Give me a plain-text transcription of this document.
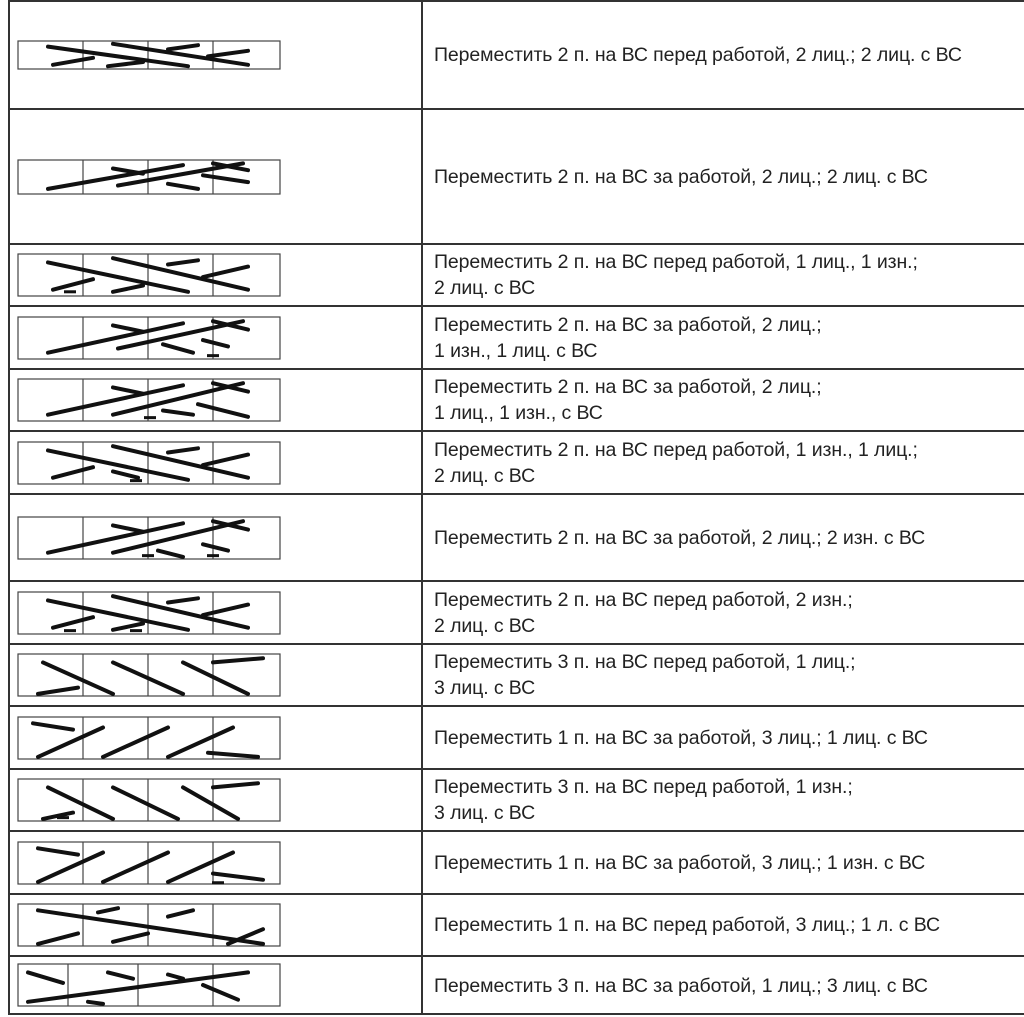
Переместить 2 п. на ВС перед работой, 2 лиц.; 2 лиц. с ВС
Переместить 2 п. на ВС за работой, 2 лиц.; 2 лиц. с ВС
Переместить 2 п. на ВС перед работой, 1 лиц., 1 изн.;
2 лиц. с ВС
Переместить 2 п. на ВС за работой, 2 лиц.;
1 изн., 1 лиц. с ВС
Переместить 2 п. на ВС за работой, 2 лиц.;
1 лиц., 1 изн., с ВС
Переместить 2 п. на ВС перед работой, 1 изн., 1 лиц.;
2 лиц. с ВС
Переместить 2 п. на ВС за работой, 2 лиц.; 2 изн. с ВС
Переместить 2 п. на ВС перед работой, 2 изн.;
2 лиц. с ВС
Переместить 3 п. на ВС перед работой, 1 лиц.;
3 лиц. с ВС
Переместить 1 п. на ВС за работой, 3 лиц.; 1 лиц. с ВС
Переместить 3 п. на ВС перед работой, 1 изн.;
3 лиц. с ВС
Переместить 1 п. на ВС за работой, 3 лиц.; 1 изн. с ВС
Переместить 1 п. на ВС перед работой, 3 лиц.; 1 л. с ВС
Переместить 3 п. на ВС за работой, 1 лиц.; 3 лиц. с ВС
